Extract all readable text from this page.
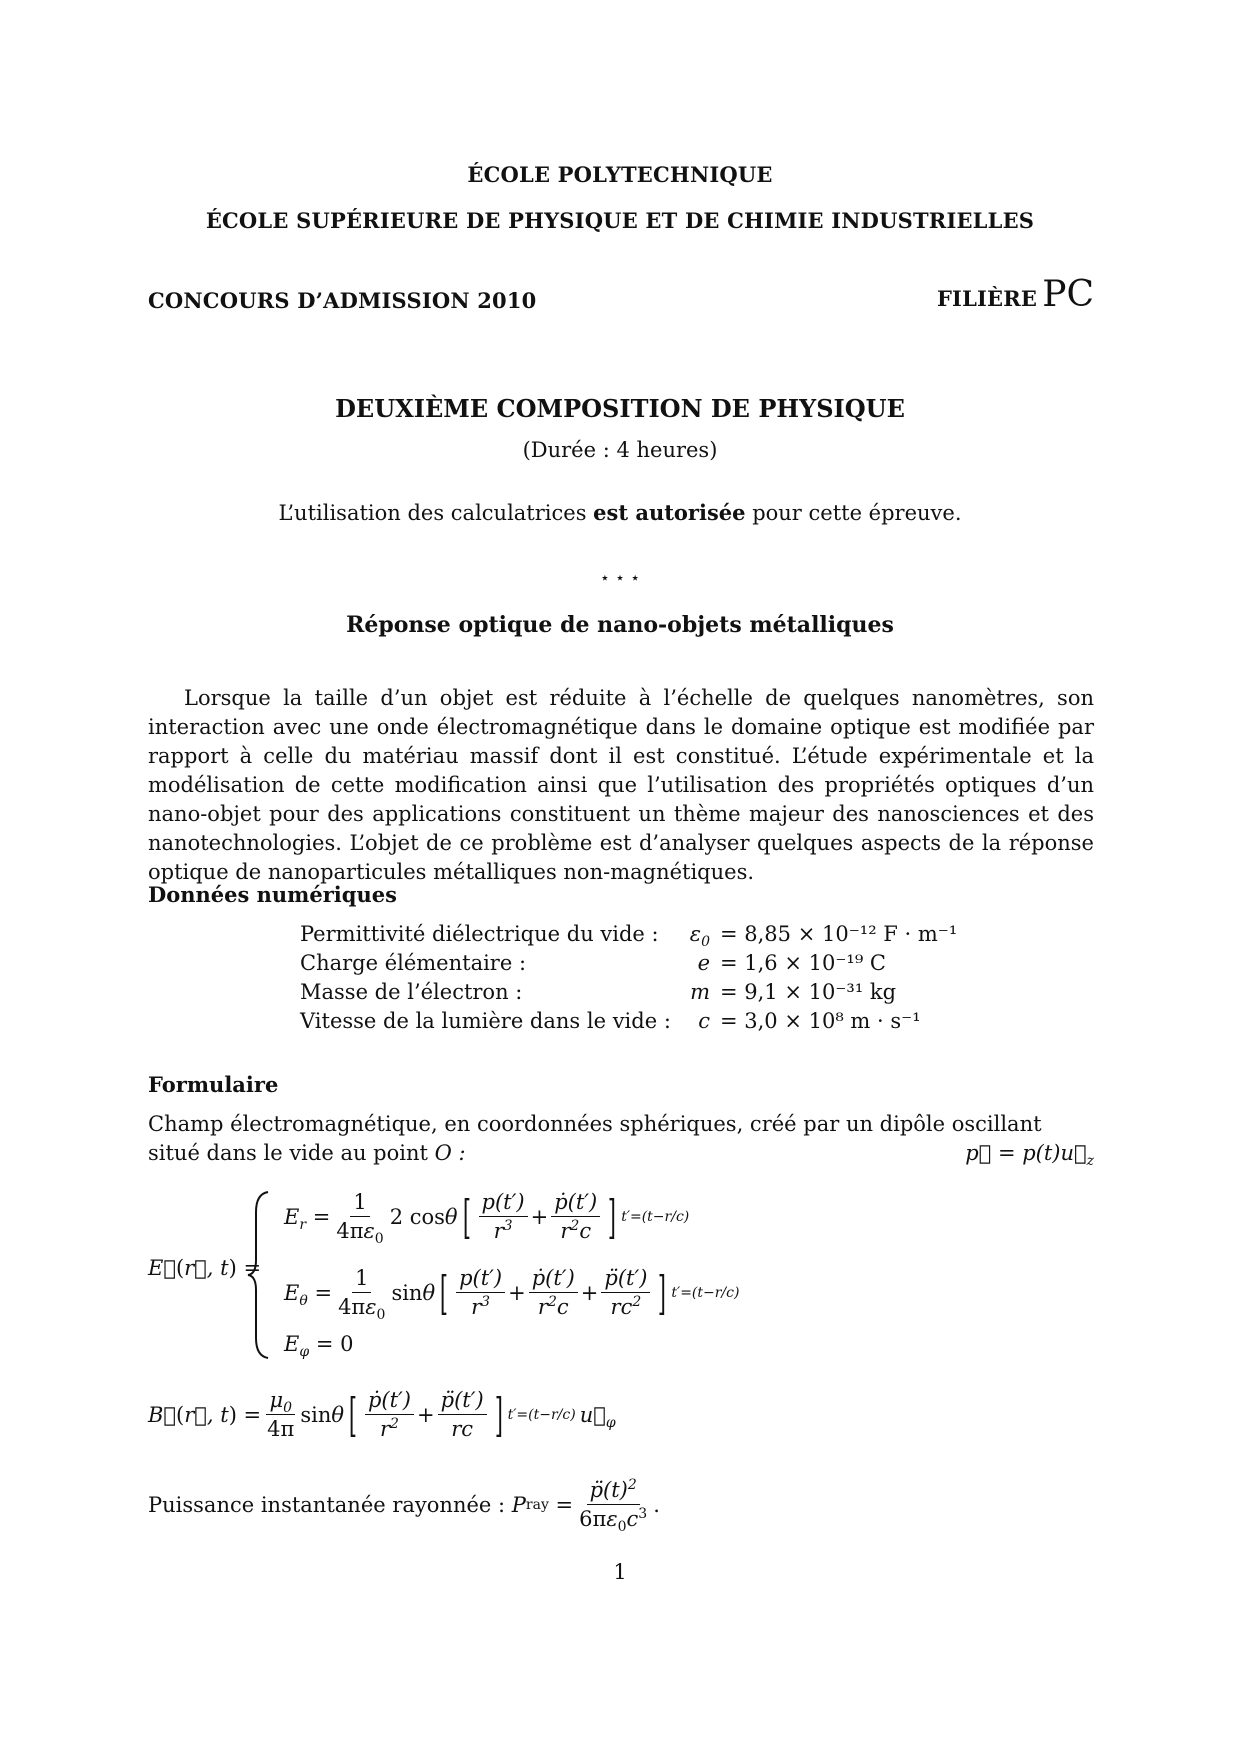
ÉCOLE POLYTECHNIQUE
ÉCOLE SUPÉRIEURE DE PHYSIQUE ET DE CHIMIE INDUSTRIELLES
CONCOURS D’ADMISSION 2010	FILIÈRE PC
DEUXIÈME COMPOSITION DE PHYSIQUE
(Durée : 4 heures)
L’utilisation des calculatrices est autorisée pour cette épreuve.
⋆ ⋆ ⋆
Réponse optique de nano-objets métalliques

Lorsque la taille d’un objet est réduite à l’échelle de quelques nanomètres, son interaction avec une onde électromagnétique dans le domaine optique est modifiée par rapport à celle du matériau massif dont il est constitué. L’étude expérimentale et la modélisation de cette modification ainsi que l’utilisation des propriétés optiques d’un nano-objet pour des applications constituent un thème majeur des nanosciences et des nanotechnologies. L’objet de ce problème est d’analyser quelques aspects de la réponse optique de nanoparticules métalliques non-magnétiques.

Données numériques
Permittivité diélectrique du vide :	$\varepsilon_0 = 8,85 \times 10^{-12}$ F · m⁻¹
Charge élémentaire :	e = 1,6 × 10⁻¹⁹ C
Masse de l’électron :	m = 9,1 × 10⁻³¹ kg
Vitesse de la lumière dans le vide :	c = 3,0 × 10⁸ m · s⁻¹
Formulaire
Champ électromagnétique, en coordonnées sphériques, créé par un dipôle oscillant
p⃗ = $p(t)u⃗_z$
situé dans le vide au point O :
E⃗ ( r⃗, t ) =
$E_r = \frac{1}{4\pi\varepsilon_0} 2$ cos θ [ $\frac{p(t')}{r^3} + \frac{\text{ṗ(t′)}}{r^2c}$ ] t′=(t−r/c)
$E_\theta = \frac{1}{4\pi\varepsilon_0}$ sin θ [ $\frac{p(t')}{r^3} + \frac{\text{ṗ(t′)}}{r^2c} + \frac{p̈(t')}{rc^2}$ ] t′=(t−r/c)
$E_\varphi = 0$
B⃗ ( r⃗, t ) = $\frac{\mu_0}{4\pi}$ sin θ [ $\frac{\text{ṗ(t′)}}{r^2} + \frac{p̈(t')}{rc}$ ] t′=(t−r/c) $u⃗_\varphi$
Puissance instantanée rayonnée :
P ray = $\frac{p̈(t)^2}{6\pi\varepsilon_0c^3}$ .
1
